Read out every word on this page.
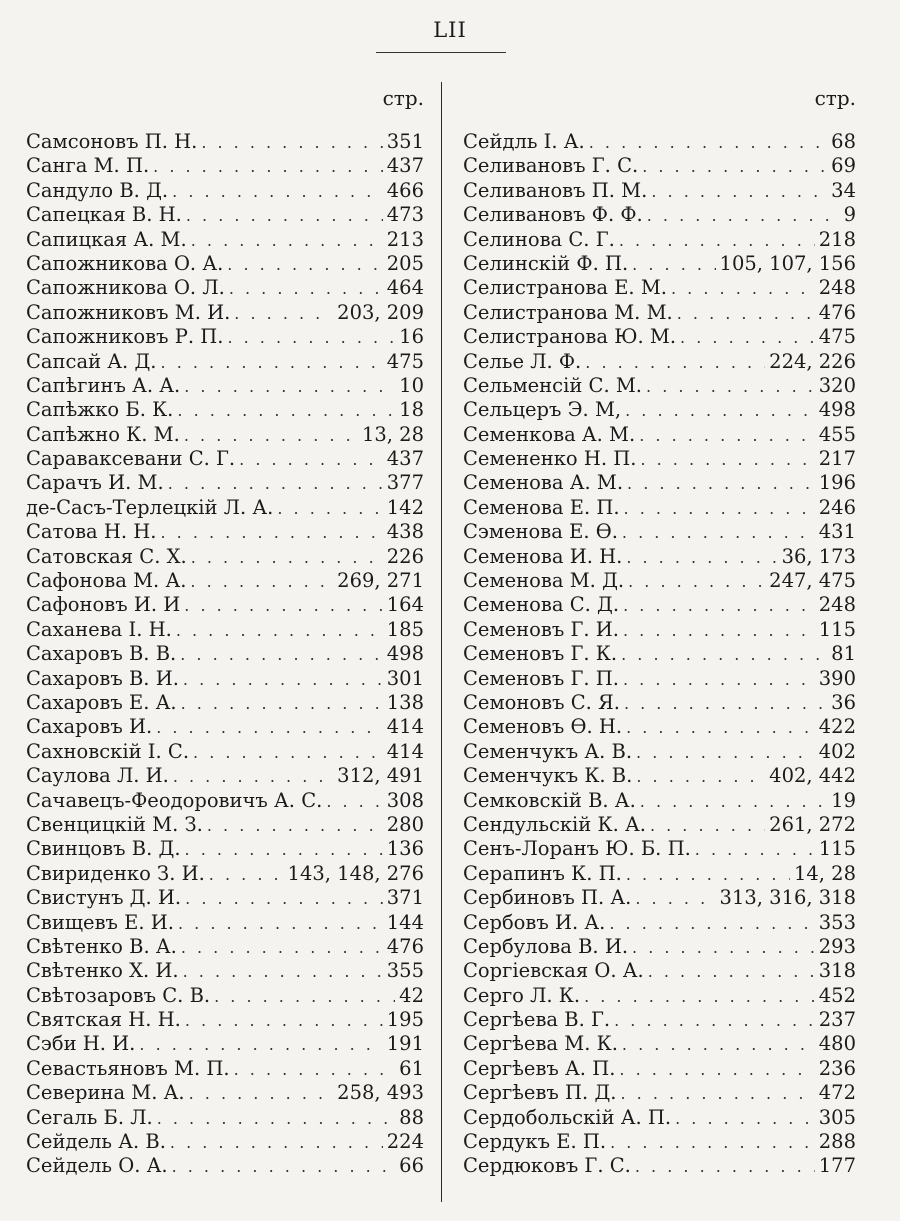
LII
стр.
Самсоновъ П. Н. . . .	351
Санга М. П. . . .	437
Сандуло В. Д. . . .	466
Сапецкая В. Н. . . .	473
Сапицкая А. М. . . .	213
Сапожникова О. А. . . .	205
Сапожникова О. Л. . . .	464
Сапожниковъ М. И. . . .	203, 209
Сапожниковъ Р. П. . . .	16
Сапсай А. Д. . . .	475
Сапѣгинъ А. А. . . .	10
Сапѣжко Б. К. . . .	18
Сапѣжно К. М. . . .	13, 28
Сараваксевани С. Г. . . .	437
Сарачъ И. М. . . .	377
де-Сасъ-Терлецкій Л. А. . . .	142
Сатова Н. Н. . . .	438
Сатовская С. Х. . . .	226
Сафонова М. А. . . .	269, 271
Сафоновъ И. И . . .	164
Саханева І. Н. . . .	185
Сахаровъ В. В. . . .	498
Сахаровъ В. И. . . .	301
Сахаровъ Е. А. . . .	138
Сахаровъ И. . . .	414
Сахновскій І. С. . . .	414
Саулова Л. И. . . .	312, 491
Сачавецъ-Феодоровичъ А. С. . . .	308
Свенцицкій М. З. . . .	280
Свинцовъ В. Д. . . .	136
Свириденко З. И. . . .	143, 148, 276
Свистунъ Д. И. . . .	371
Свищевъ Е. И. . . .	144
Свѣтенко В. А. . . .	476
Свѣтенко Х. И. . . .	355
Свѣтозаровъ С. В. . . .	42
Святская Н. Н. . . .	195
Сэби Н. И. . . .	191
Севастьяновъ М. П. . . .	61
Северина М. А. . . .	258, 493
Сегаль Б. Л. . . .	88
Сейдель А. В. . . .	224
Сейдель О. А. . . .	66
стр.
Сейдль І. А. . . .	68
Селивановъ Г. С. . . .	69
Селивановъ П. М. . . .	34
Селивановъ Ф. Ф. . . .	9
Селинова С. Г. . . .	218
Селинскій Ф. П. . . .	105, 107, 156
Селистранова Е. М. . . .	248
Селистранова М. М. . . .	476
Селистранова Ю. М. . . .	475
Селье Л. Ф. . . .	224, 226
Сельменсій С. М. . . .	320
Сельцеръ Э. М, . . .	498
Семенкова А. М. . . .	455
Семененко Н. П. . . .	217
Семенова А. М. . . .	196
Семенова Е. П. . . .	246
Сэменова Е. Ѳ. . . .	431
Семенова И. Н. . . .	36, 173
Семенова М. Д. . . .	247, 475
Семенова С. Д. . . .	248
Семеновъ Г. И. . . .	115
Семеновъ Г. К. . . .	81
Семеновъ Г. П. . . .	390
Семоновъ С. Я. . . .	36
Семеновъ Ѳ. Н. . . .	422
Семенчукъ А. В. . . .	402
Семенчукъ К. В. . . .	402, 442
Семковскій В. А. . . .	19
Сендульскій К. А. . . .	261, 272
Сенъ-Лоранъ Ю. Б. П. . . .	115
Серапинъ К. П. . . .	14, 28
Сербиновъ П. А. . . .	313, 316, 318
Сербовъ И. А. . . .	353
Сербулова В. И. . . .	293
Соргіевская О. А. . . .	318
Серго Л. К. . . .	452
Сергѣева В. Г. . . .	237
Сергѣева М. К. . . .	480
Сергѣевъ А. П. . . .	236
Сергѣевъ П. Д. . . .	472
Сердобольскій А. П. . . .	305
Сердукъ Е. П. . . .	288
Сердюковъ Г. С. . . .	177
